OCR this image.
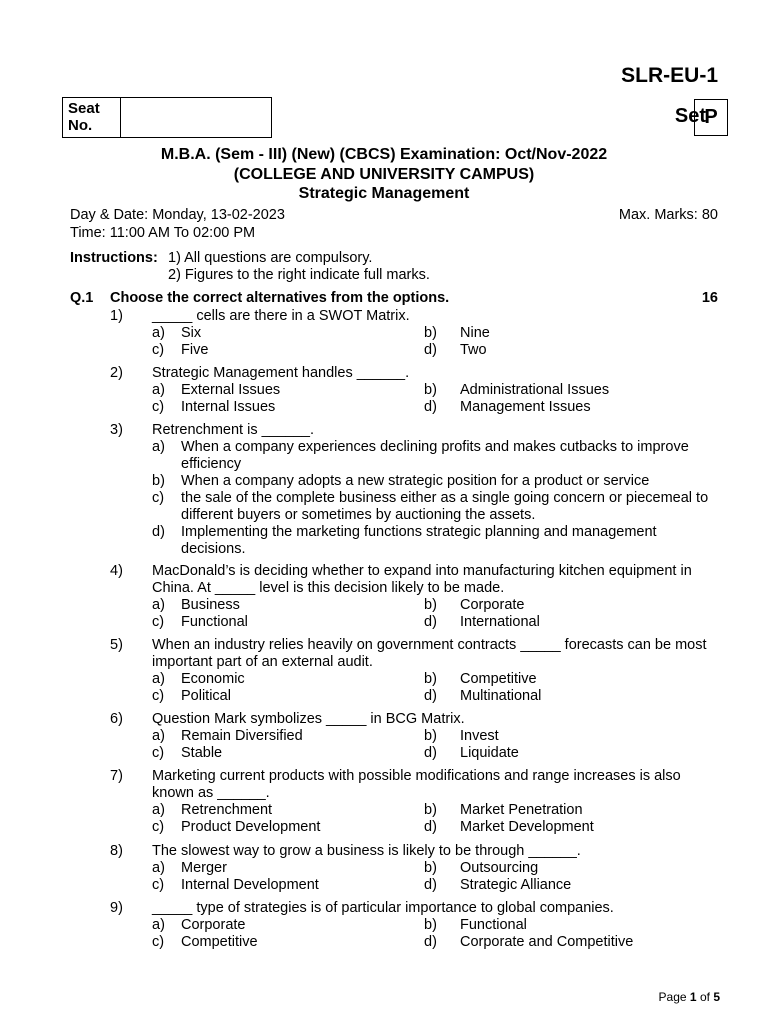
SLR-EU-1
Seat No.	Set
P
M.B.A. (Sem - III) (New) (CBCS) Examination: Oct/Nov-2022
(COLLEGE AND UNIVERSITY CAMPUS)
Strategic Management
Day & Date: Monday, 13-02-2023	Max. Marks: 80
Time: 11:00 AM To 02:00 PM
Instructions: 1) All questions are compulsory.
2) Figures to the right indicate full marks.
Q.1 Choose the correct alternatives from the options.	16
1) _____ cells are there in a SWOT Matrix.
a) Six	b) Nine
c) Five	d) Two
2) Strategic Management handles ______.
a) External Issues	b) Administrational Issues
c) Internal Issues	d) Management Issues
3) Retrenchment is ______.
a) When a company experiences declining profits and makes cutbacks to improve efficiency
b) When a company adopts a new strategic position for a product or service
c) the sale of the complete business either as a single going concern or piecemeal to different buyers or sometimes by auctioning the assets.
d) Implementing the marketing functions strategic planning and management decisions.
4) MacDonald’s is deciding whether to expand into manufacturing kitchen equipment in China. At _____ level is this decision likely to be made.
a) Business	b) Corporate
c) Functional	d) International
5) When an industry relies heavily on government contracts _____ forecasts can be most important part of an external audit.
a) Economic	b) Competitive
c) Political	d) Multinational
6) Question Mark symbolizes _____ in BCG Matrix.
a) Remain Diversified	b) Invest
c) Stable	d) Liquidate
7) Marketing current products with possible modifications and range increases is also known as ______.
a) Retrenchment	b) Market Penetration
c) Product Development	d) Market Development
8) The slowest way to grow a business is likely to be through ______.
a) Merger	b) Outsourcing
c) Internal Development	d) Strategic Alliance
9) _____ type of strategies is of particular importance to global companies.
a) Corporate	b) Functional
c) Competitive	d) Corporate and Competitive
Page 1 of 5
